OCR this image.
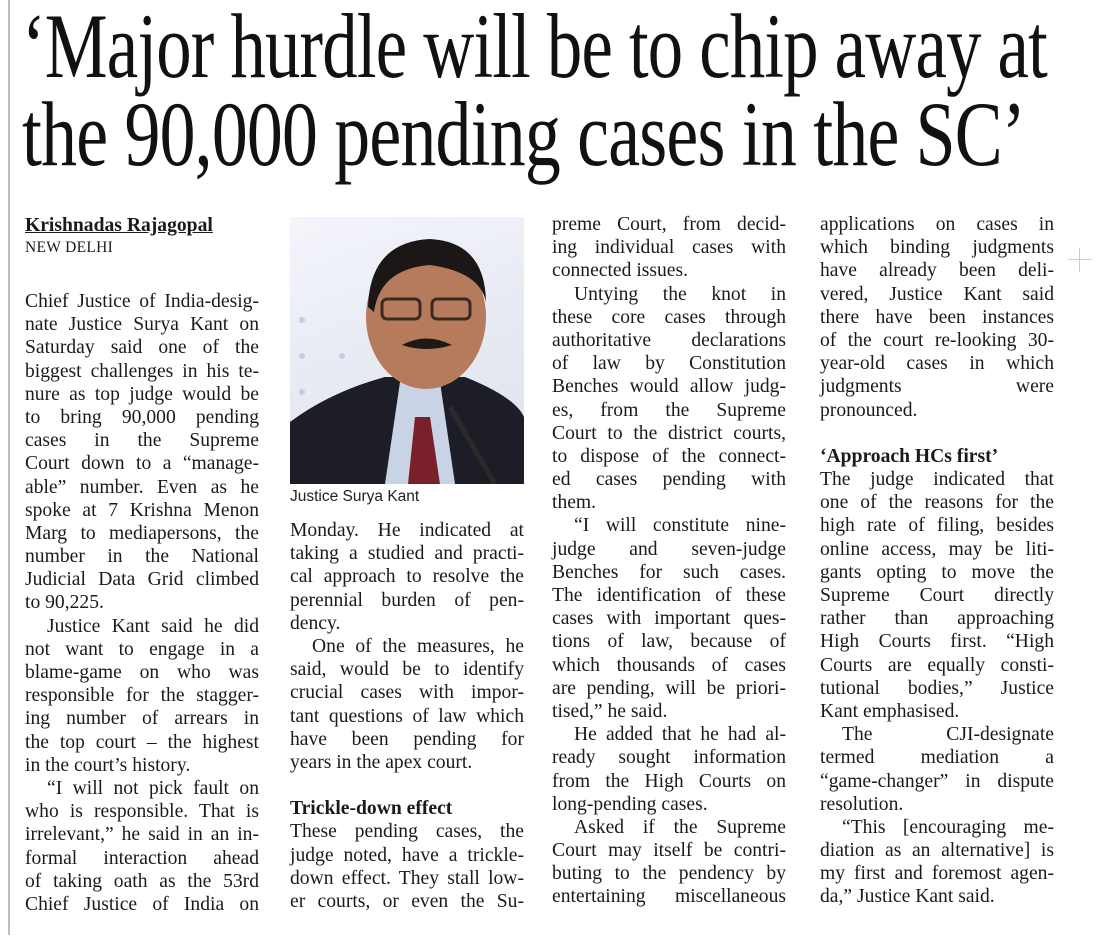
‘Major hurdle will be to chip away at
the 90,000 pending cases in the SC’
Krishnadas Rajagopal
NEW DELHI
Chief Justice of India-desig-
nate Justice Surya Kant on
Saturday said one of the
biggest challenges in his te-
nure as top judge would be
to bring 90,000 pending
cases in the Supreme
Court down to a “manage-
able” number. Even as he
spoke at 7 Krishna Menon
Marg to mediapersons, the
number in the National
Judicial Data Grid climbed
to 90,225.
Justice Kant said he did
not want to engage in a
blame-game on who was
responsible for the stagger-
ing number of arrears in
the top court – the highest
in the court’s history.
“I will not pick fault on
who is responsible. That is
irrelevant,” he said in an in-
formal interaction ahead
of taking oath as the 53rd
Chief Justice of India on
Monday. He indicated at
taking a studied and practi-
cal approach to resolve the
perennial burden of pen-
dency.
One of the measures, he
said, would be to identify
crucial cases with impor-
tant questions of law which
have been pending for
years in the apex court.
Trickle-down effect
These pending cases, the
judge noted, have a trickle-
down effect. They stall low-
er courts, or even the Su-
preme Court, from decid-
ing individual cases with
connected issues.
Untying the knot in
these core cases through
authoritative declarations
of law by Constitution
Benches would allow judg-
es, from the Supreme
Court to the district courts,
to dispose of the connect-
ed cases pending with
them.
“I will constitute nine-
judge and seven-judge
Benches for such cases.
The identification of these
cases with important ques-
tions of law, because of
which thousands of cases
are pending, will be priori-
tised,” he said.
He added that he had al-
ready sought information
from the High Courts on
long-pending cases.
Asked if the Supreme
Court may itself be contri-
buting to the pendency by
entertaining miscellaneous
applications on cases in
which binding judgments
have already been deli-
vered, Justice Kant said
there have been instances
of the court re-looking 30-
year-old cases in which
judgments were
pronounced.
‘Approach HCs first’
The judge indicated that
one of the reasons for the
high rate of filing, besides
online access, may be liti-
gants opting to move the
Supreme Court directly
rather than approaching
High Courts first. “High
Courts are equally consti-
tutional bodies,” Justice
Kant emphasised.
The CJI-designate
termed mediation a
“game-changer” in dispute
resolution.
“This [encouraging me-
diation as an alternative] is
my first and foremost agen-
da,” Justice Kant said.
Justice Surya Kant
